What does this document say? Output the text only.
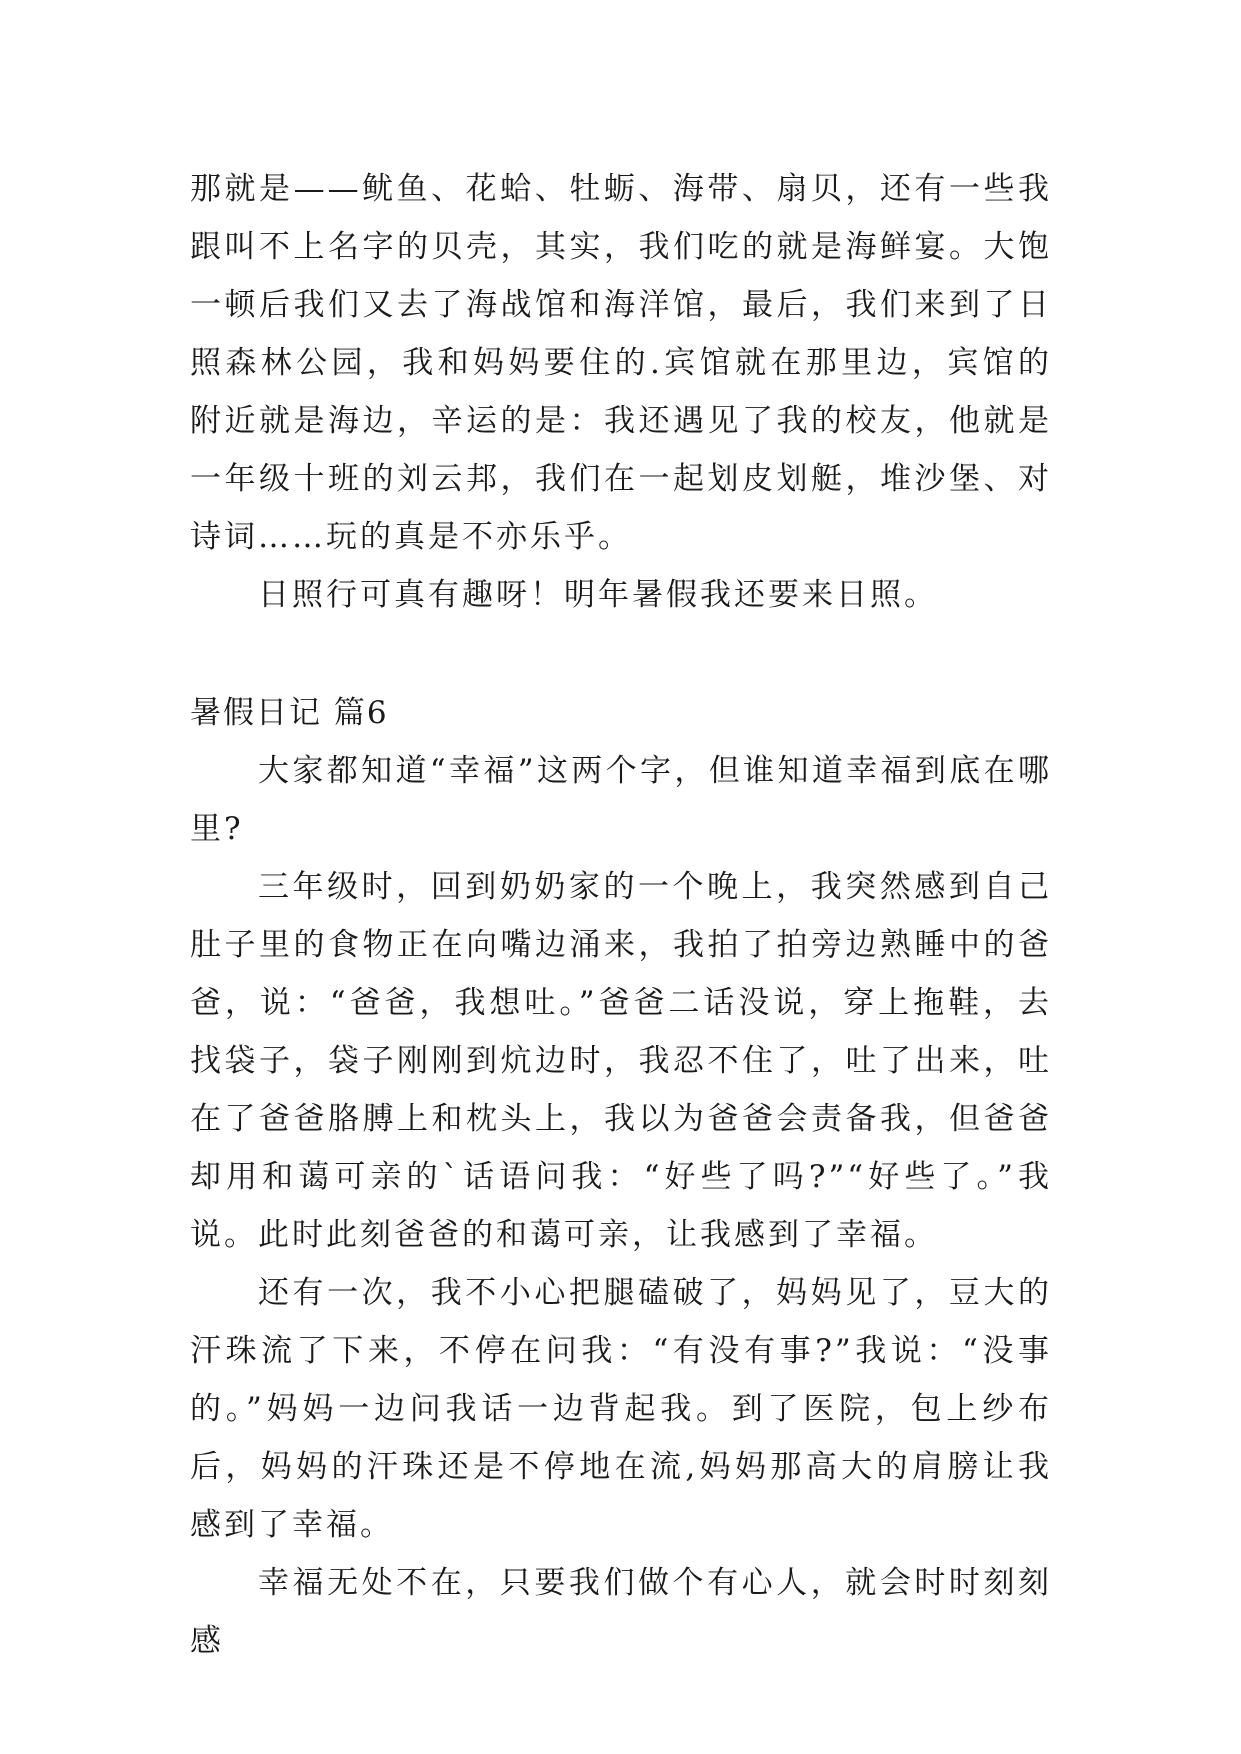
那就是——鱿鱼、花蛤、牡蛎、海带、扇贝，还有一些我跟叫不上名字的贝壳，其实，我们吃的就是海鲜宴。大饱一顿后我们又去了海战馆和海洋馆，最后，我们来到了日照森林公园，我和妈妈要住的.宾馆就在那里边，宾馆的附近就是海边，辛运的是：我还遇见了我的校友，他就是一年级十班的刘云邦，我们在一起划皮划艇，堆沙堡、对诗词……玩的真是不亦乐乎。

日照行可真有趣呀！明年暑假我还要来日照。

暑假日记 篇6

大家都知道“幸福”这两个字，但谁知道幸福到底在哪里?

三年级时，回到奶奶家的一个晚上，我突然感到自己肚子里的食物正在向嘴边涌来，我拍了拍旁边熟睡中的爸爸，说：“爸爸，我想吐。”爸爸二话没说，穿上拖鞋，去找袋子，袋子刚刚到炕边时，我忍不住了，吐了出来，吐在了爸爸胳膊上和枕头上，我以为爸爸会责备我，但爸爸却用和蔼可亲的`话语问我：“好些了吗?”“好些了。”我说。此时此刻爸爸的和蔼可亲，让我感到了幸福。

还有一次，我不小心把腿磕破了，妈妈见了，豆大的汗珠流了下来，不停在问我：“有没有事?”我说：“没事的。”妈妈一边问我话一边背起我。到了医院，包上纱布后，妈妈的汗珠还是不停地在流,妈妈那高大的肩膀让我感到了幸福。

幸福无处不在，只要我们做个有心人，就会时时刻刻感
